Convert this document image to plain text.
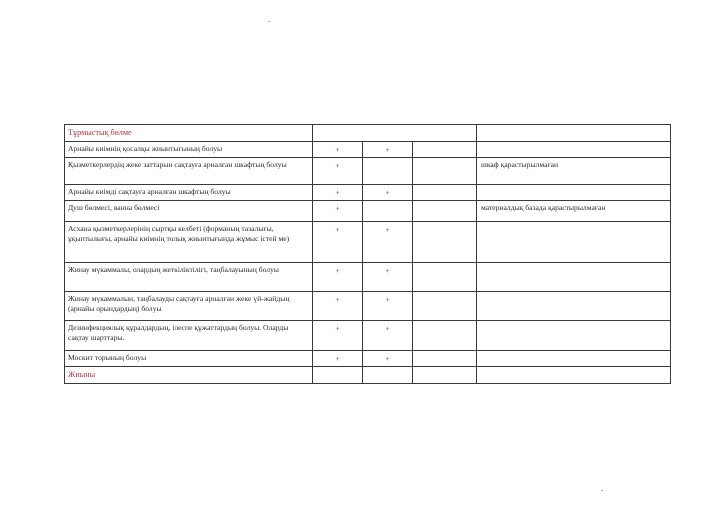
Тұрмыстық бөлме				
Арнайы киімнің қосалқы жиынтығының болуы	+	+		
Қызметкерлердің жеке заттарын сақтауға арналған шкафтың болуы	+			шкаф қарастырылмаған
Арнайы киімді сақтауға арналған шкафтың болуы	+	+		
Душ бөлмесі, ванна бөлмесі	+			материалдық базада қарастырылмаған
Асхана қызметкерлерінің сыртқы келбеті (форманың тазалығы, ұқыптылығы, арнайы киімнің толық жиынтығында жұмыс істей ме)	+	+		
Жинау мүкаммалы, олардың жеткіліктілігі, таңбалауының болуы	+	+		
Жинау мүкаммалын, таңбалауды сақтауға арналған жеке үй-жайдың (арнайы орындардың) болуы	+	+		
Дезинфекциялық құралдардың, ілеспе құжаттардың болуы. Оларды сақтау шарттары.	+	+		
Москит торының болуы	+	+		
Жиыны				
